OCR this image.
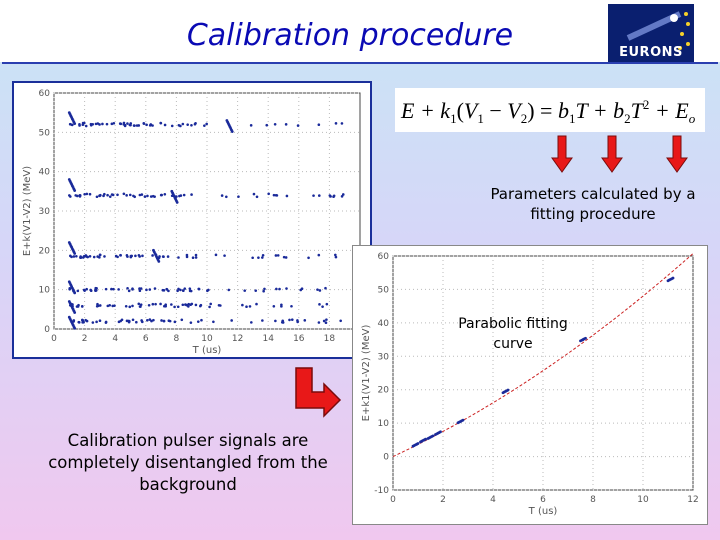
Calibration procedure	EURONS
0	2	4	6	8 10 12 14 16 18
0
10
20
30
40
50
60
T (us)
E+k(V1-V2) (MeV)
$E + k_1(V_1 - V_2) = b_1T + b_2T^2 + E_o$
Parameters calculated by a fitting procedure
0	2	4	6	8	10	12
-10
0
10
20
30
40
50
60
T (us)
E+k1(V1-V2) (MeV)
Parabolic fitting curve
Calibration pulser signals are completely disentangled from the background
